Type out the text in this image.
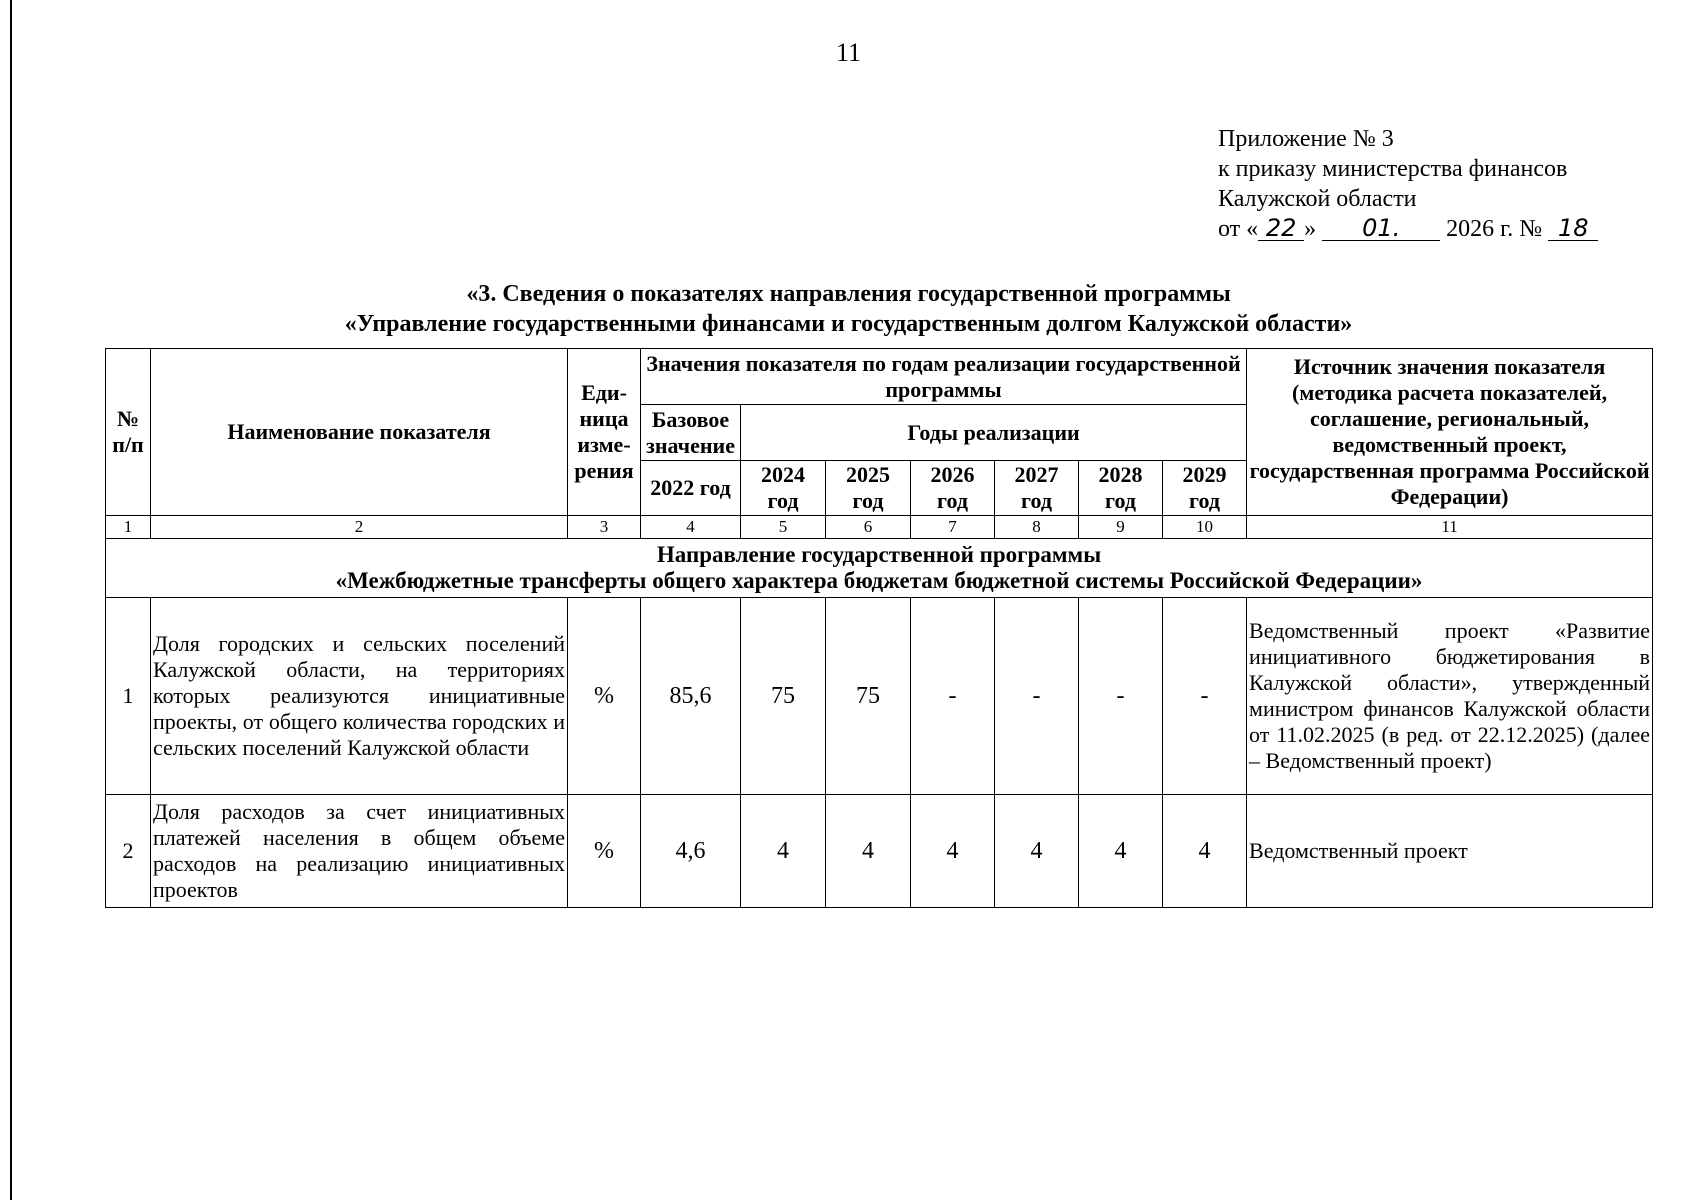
11
Приложение № 3
к приказу министерства финансов
Калужской области
от « 22 » 01. 2026 г. № 18
«3. Сведения о показателях направления государственной программы
«Управление государственными финансами и государственным долгом Калужской области»
№ п/п	Наименование показателя	Еди-ница изме-рения	Значения показателя по годам реализации государственной программы							Источник значения показателя (методика расчета показателей, соглашение, региональный, ведомственный проект, государственная программа Российской Федерации)
			Базовое значение	Годы реализации						
			2022 год	2024 год	2025 год	2026 год	2027 год	2028 год	2029 год	
1	2	3	4	5	6	7	8	9	10	11

Направление государственной программы
«Межбюджетные трансферты общего характера бюджетам бюджетной системы Российской Федерации»										

1	Доля городских и сельских поселений Калужской области, на территориях которых реализуются инициативные проекты, от общего количества городских и сельских поселений Калужской области	%	85,6	75	75	-	-	-	-	Ведомственный проект «Развитие инициативного бюджетирования в Калужской области», утвержденный министром финансов Калужской области от 11.02.2025 (в ред. от 22.12.2025) (далее – Ведомственный проект)
2	Доля расходов за счет инициативных платежей населения в общем объеме расходов на реализацию инициативных проектов	%	4,6	4	4	4	4	4	4	Ведомственный проект
